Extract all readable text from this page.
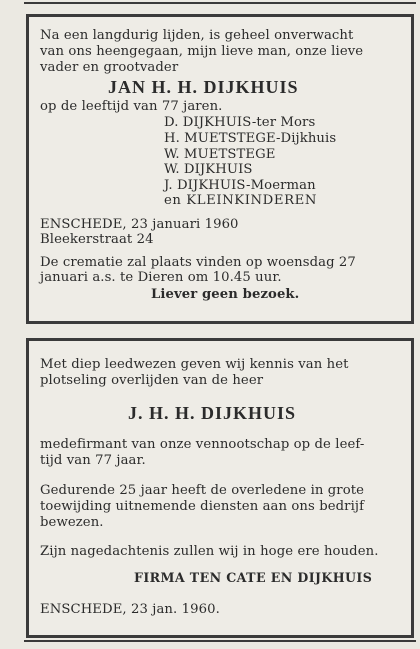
Na een langdurig lijden, is geheel onverwacht

van ons heengegaan, mijn lieve man, onze lieve

vader en grootvader

JAN H. H. DIJKHUIS

op de leeftijd van 77 jaren.

D. DIJKHUIS-ter Mors

H. MUETSTEGE-Dijkhuis

W. MUETSTEGE

W. DIJKHUIS

J. DIJKHUIS-Moerman

en KLEINKINDEREN

ENSCHEDE, 23 januari 1960

Bleekerstraat 24

De crematie zal plaats vinden op woensdag 27

januari a.s. te Dieren om 10.45 uur.

Liever geen bezoek.

Met diep leedwezen geven wij kennis van het

plotseling overlijden van de heer

J. H. H. DIJKHUIS

medefirmant van onze vennootschap op de leef-

tijd van 77 jaar.

Gedurende 25 jaar heeft de overledene in grote

toewijding uitnemende diensten aan ons bedrijf

bewezen.

Zijn nagedachtenis zullen wij in hoge ere houden.

FIRMA TEN CATE EN DIJKHUIS

ENSCHEDE, 23 jan. 1960.
